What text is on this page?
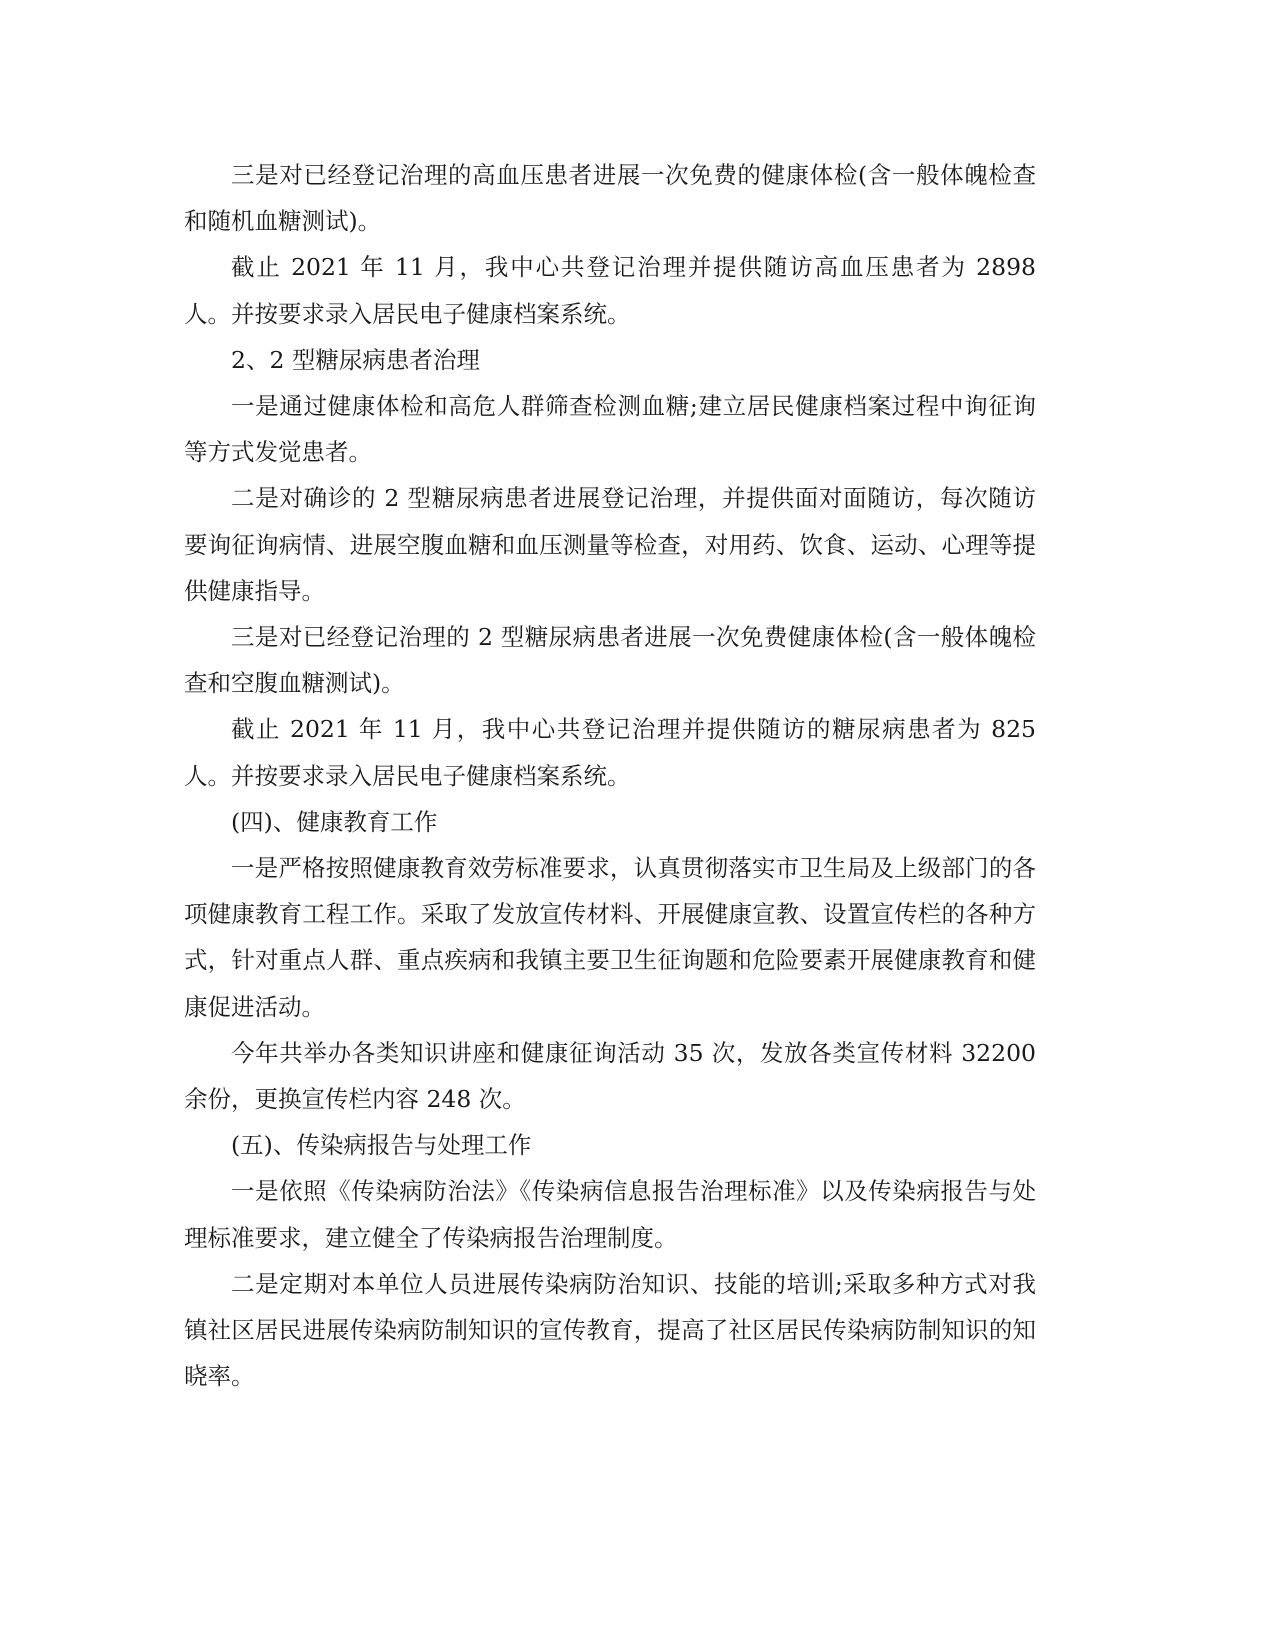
三是对已经登记治理的高血压患者进展一次免费的健康体检(含一般体魄检查和随机血糖测试)。

截止 2021 年 11 月，我中心共登记治理并提供随访高血压患者为 2898 人。并按要求录入居民电子健康档案系统。

2、2 型糖尿病患者治理

一是通过健康体检和高危人群筛查检测血糖;建立居民健康档案过程中询征询等方式发觉患者。

二是对确诊的 2 型糖尿病患者进展登记治理，并提供面对面随访，每次随访要询征询病情、进展空腹血糖和血压测量等检查，对用药、饮食、运动、心理等提供健康指导。

三是对已经登记治理的 2 型糖尿病患者进展一次免费健康体检(含一般体魄检查和空腹血糖测试)。

截止 2021 年 11 月，我中心共登记治理并提供随访的糖尿病患者为 825 人。并按要求录入居民电子健康档案系统。

(四)、健康教育工作

一是严格按照健康教育效劳标准要求，认真贯彻落实市卫生局及上级部门的各项健康教育工程工作。采取了发放宣传材料、开展健康宣教、设置宣传栏的各种方式，针对重点人群、重点疾病和我镇主要卫生征询题和危险要素开展健康教育和健康促进活动。

今年共举办各类知识讲座和健康征询活动 35 次，发放各类宣传材料 32200 余份，更换宣传栏内容 248 次。

(五)、传染病报告与处理工作

一是依照《传染病防治法》《传染病信息报告治理标准》以及传染病报告与处理标准要求，建立健全了传染病报告治理制度。

二是定期对本单位人员进展传染病防治知识、技能的培训;采取多种方式对我镇社区居民进展传染病防制知识的宣传教育，提高了社区居民传染病防制知识的知晓率。
